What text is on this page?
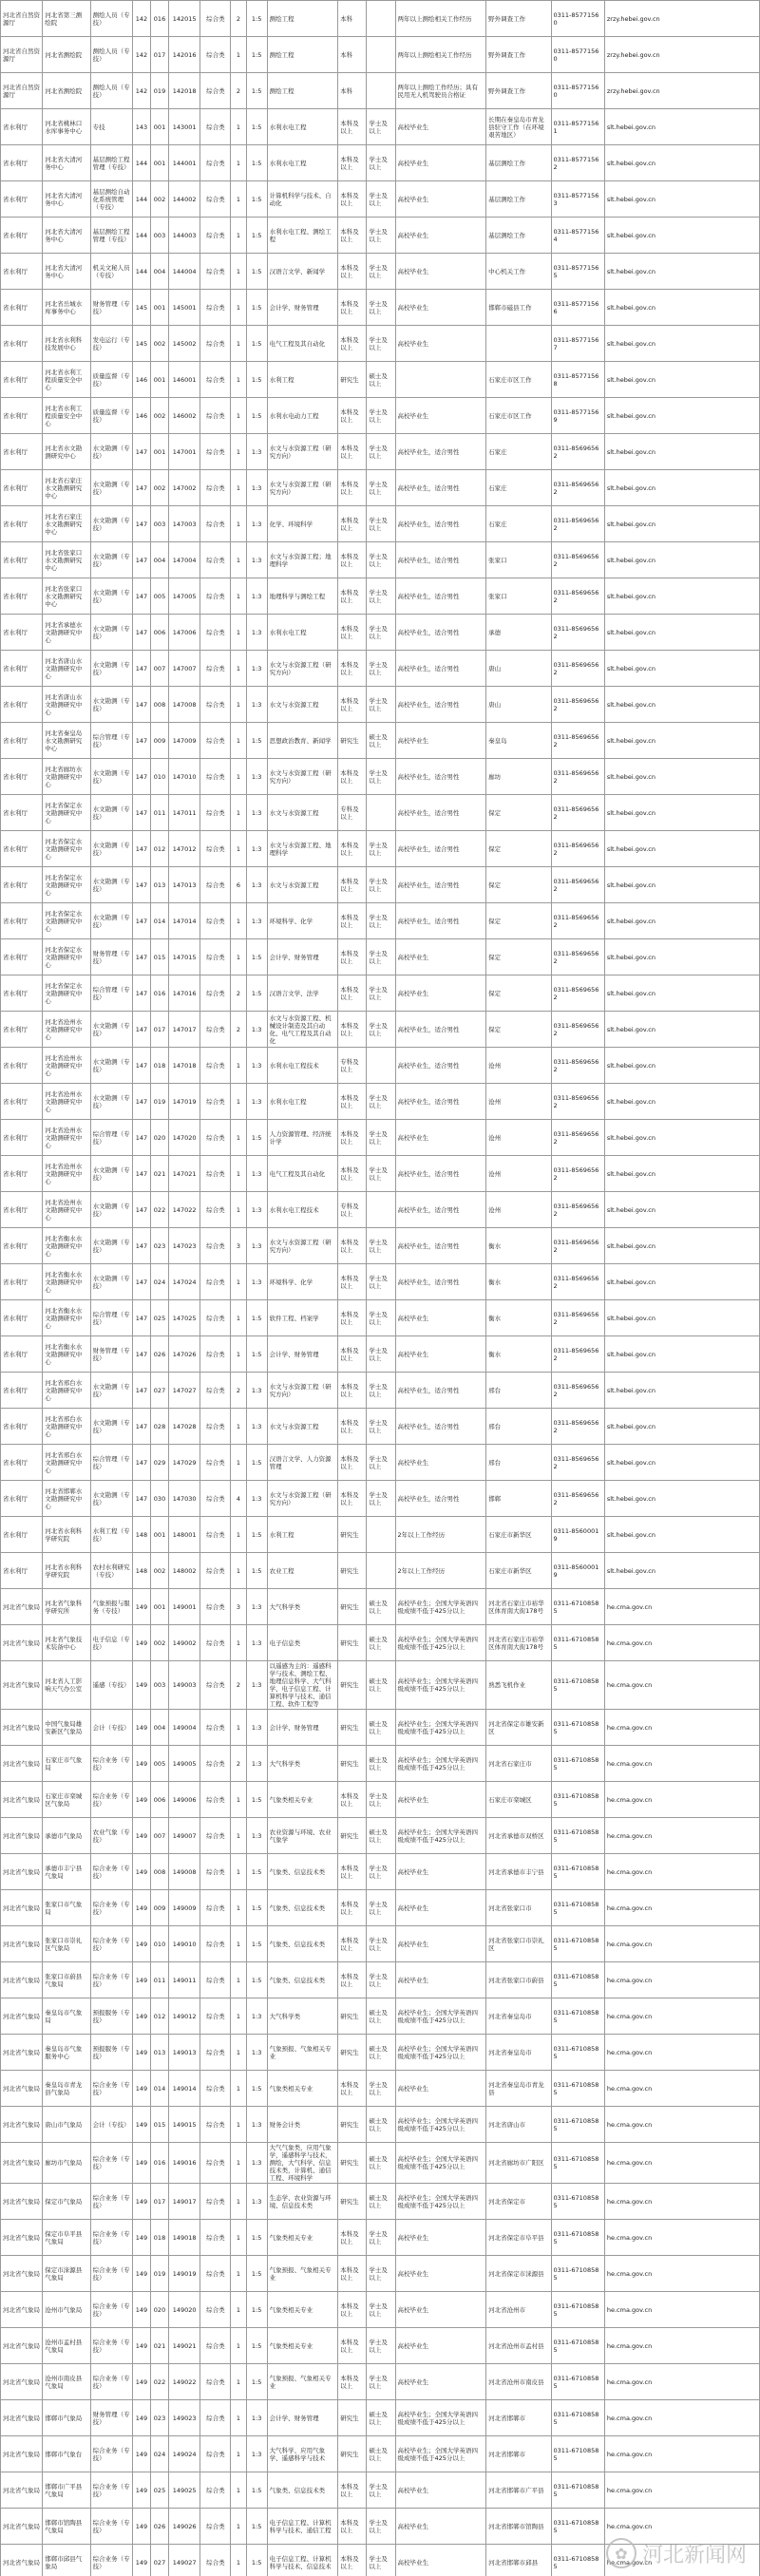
河北省自然资源厅	河北省第三测绘院	测绘人员（专技）	142	016	142015	综合类	2	1:5	测绘工程	本科		两年以上测绘相关工作经历	野外调查工作	0311-85771560	zrzy.hebei.gov.cn
河北省自然资源厅	河北省测绘院	测绘人员（专技）	142	017	142016	综合类	1	1:5	测绘工程	本科		两年以上测绘相关工作经历	野外调查工作	0311-85771560	zrzy.hebei.gov.cn
河北省自然资源厅	河北省测绘院	测绘人员（专技）	142	019	142018	综合类	2	1:5	测绘工程	本科		两年以上测绘工作经历；具有民用无人机驾驶员合格证	野外调查工作	0311-85771560	zrzy.hebei.gov.cn
省水利厅	河北省桃林口水库事务中心	专技	143	001	143001	综合类	1	1:5	水利水电工程	本科及以上	学士及以上	高校毕业生	长期在秦皇岛市青龙县驻守工作（在环境艰苦地区）	0311-85771561	slt.hebei.gov.cn
省水利厅	河北省大清河务中心	基层测绘工程管理（专技）	144	001	144001	综合类	1	1:5	水利水电工程	本科及以上	学士及以上	高校毕业生	基层测绘工作	0311-85771562	slt.hebei.gov.cn
省水利厅	河北省大清河务中心	基层测绘自动化系统管理（专技）	144	002	144002	综合类	1	1:5	计算机科学与技术、自动化	本科及以上	学士及以上	高校毕业生	基层测绘工作	0311-85771563	slt.hebei.gov.cn
省水利厅	河北省大清河务中心	基层测绘工程管理（专技）	144	003	144003	综合类	1	1:5	水利水电工程、测绘工程	本科及以上	学士及以上	高校毕业生	基层测绘工作	0311-85771564	slt.hebei.gov.cn
省水利厅	河北省大清河务中心	机关文秘人员（专技）	144	004	144004	综合类	1	1:5	汉语言文学、新闻学	本科及以上	学士及以上	高校毕业生	中心机关工作	0311-85771565	slt.hebei.gov.cn
省水利厅	河北省岳城水库事务中心	财务管理（专技）	145	001	145001	综合类	1	1:5	会计学、财务管理	本科及以上	学士及以上	高校毕业生	邯郸市磁县工作	0311-85771566	slt.hebei.gov.cn
省水利厅	河北省水利科技发展中心	发电运行（专技）	145	002	145002	综合类	1	1:5	电气工程及其自动化	本科及以上	学士及以上	高校毕业生		0311-85771567	slt.hebei.gov.cn
省水利厅	河北省水利工程质量安全中心	质量监督（专技）	146	001	146001	综合类	1	1:5	水利工程	研究生	硕士及以上		石家庄市区工作	0311-85771568	slt.hebei.gov.cn
省水利厅	河北省水利工程质量安全中心	质量监督（专技）	146	002	146002	综合类	1	1:5	水利水电动力工程	本科及以上	学士及以上	高校毕业生	石家庄市区工作	0311-85771569	slt.hebei.gov.cn
省水利厅	河北省水文勘测研究中心	水文勘测（专技）	147	001	147001	综合类	1	1:3	水文与水资源工程（研究方向）	本科及以上	学士及以上	高校毕业生，适合男性	石家庄	0311-85696562	slt.hebei.gov.cn
省水利厅	河北省石家庄水文勘测研究中心	水文勘测（专技）	147	002	147002	综合类	1	1:3	水文与水资源工程（研究方向）	本科及以上	学士及以上	高校毕业生，适合男性	石家庄	0311-85696562	slt.hebei.gov.cn
省水利厅	河北省石家庄水文勘测研究中心	水文勘测（专技）	147	003	147003	综合类	1	1:3	化学、环境科学	本科及以上	学士及以上	高校毕业生，适合男性	石家庄	0311-85696562	slt.hebei.gov.cn
省水利厅	河北省张家口水文勘测研究中心	水文勘测（专技）	147	004	147004	综合类	1	1:3	水文与水资源工程；地理科学	本科及以上	学士及以上	高校毕业生，适合男性	张家口	0311-85696562	slt.hebei.gov.cn
省水利厅	河北省张家口水文勘测研究中心	水文勘测（专技）	147	005	147005	综合类	1	1:3	地理科学与测绘工程	本科及以上	学士及以上	高校毕业生，适合男性	张家口	0311-85696562	slt.hebei.gov.cn
省水利厅	河北省承德水文勘测研究中心	水文勘测（专技）	147	006	147006	综合类	1	1:3	水利水电工程	本科及以上	学士及以上	高校毕业生，适合男性	承德	0311-85696562	slt.hebei.gov.cn
省水利厅	河北省唐山水文勘测研究中心	水文勘测（专技）	147	007	147007	综合类	1	1:3	水文与水资源工程（研究方向）	本科及以上	学士及以上	高校毕业生，适合男性	唐山	0311-85696562	slt.hebei.gov.cn
省水利厅	河北省唐山水文勘测研究中心	水文勘测（专技）	147	008	147008	综合类	1	1:3	水文与水资源工程	本科及以上	学士及以上	高校毕业生，适合男性	唐山	0311-85696562	slt.hebei.gov.cn
省水利厅	河北省秦皇岛水文勘测研究中心	综合管理（专技）	147	009	147009	综合类	1	1:5	思想政治教育、新闻学	研究生	硕士及以上	高校毕业生	秦皇岛	0311-85696562	slt.hebei.gov.cn
省水利厅	河北省廊坊水文勘测研究中心	水文勘测（专技）	147	010	147010	综合类	1	1:3	水文与水资源工程（研究方向）	本科及以上	学士及以上	高校毕业生，适合男性	廊坊	0311-85696562	slt.hebei.gov.cn
省水利厅	河北省保定水文勘测研究中心	水文勘测（专技）	147	011	147011	综合类	1	1:3	水文与水资源工程	专科及以上		高校毕业生，适合男性	保定	0311-85696562	slt.hebei.gov.cn
省水利厅	河北省保定水文勘测研究中心	水文勘测（专技）	147	012	147012	综合类	1	1:3	水文与水资源工程、地理科学	本科及以上	学士及以上	高校毕业生，适合男性	保定	0311-85696562	slt.hebei.gov.cn
省水利厅	河北省保定水文勘测研究中心	水文勘测（专技）	147	013	147013	综合类	6	1:3	水文与水资源工程	本科及以上	学士及以上	高校毕业生，适合男性	保定	0311-85696562	slt.hebei.gov.cn
省水利厅	河北省保定水文勘测研究中心	水文勘测（专技）	147	014	147014	综合类	1	1:3	环境科学、化学	本科及以上	学士及以上	高校毕业生，适合男性	保定	0311-85696562	slt.hebei.gov.cn
省水利厅	河北省保定水文勘测研究中心	财务管理（专技）	147	015	147015	综合类	1	1:5	会计学、财务管理	本科及以上	学士及以上	高校毕业生	保定	0311-85696562	slt.hebei.gov.cn
省水利厅	河北省保定水文勘测研究中心	综合管理（专技）	147	016	147016	综合类	2	1:5	汉语言文学、法学	本科及以上	学士及以上	高校毕业生	保定	0311-85696562	slt.hebei.gov.cn
省水利厅	河北省沧州水文勘测研究中心	水文勘测（专技）	147	017	147017	综合类	2	1:3	水文与水资源工程、机械设计制造及其自动化、电气工程及其自动化	本科及以上	学士及以上	高校毕业生，适合男性	保定	0311-85696562	slt.hebei.gov.cn
省水利厅	河北省沧州水文勘测研究中心	水文勘测（专技）	147	018	147018	综合类	1	1:3	水利水电工程技术	专科及以上		高校毕业生，适合男性	沧州	0311-85696562	slt.hebei.gov.cn
省水利厅	河北省沧州水文勘测研究中心	水文勘测（专技）	147	019	147019	综合类	1	1:3	水利水电工程	本科及以上	学士及以上	高校毕业生，适合男性	沧州	0311-85696562	slt.hebei.gov.cn
省水利厅	河北省沧州水文勘测研究中心	综合管理（专技）	147	020	147020	综合类	1	1:5	人力资源管理、经济统计学	本科及以上	学士及以上	高校毕业生	沧州	0311-85696562	slt.hebei.gov.cn
省水利厅	河北省沧州水文勘测研究中心	水文勘测（专技）	147	021	147021	综合类	1	1:3	电气工程及其自动化	本科及以上	学士及以上	高校毕业生，适合男性	沧州	0311-85696562	slt.hebei.gov.cn
省水利厅	河北省沧州水文勘测研究中心	水文勘测（专技）	147	022	147022	综合类	1	1:3	水利水电工程技术	专科及以上		高校毕业生，适合男性	沧州	0311-85696562	slt.hebei.gov.cn
省水利厅	河北省衡水水文勘测研究中心	水文勘测（专技）	147	023	147023	综合类	3	1:3	水文与水资源工程（研究方向）	本科及以上	学士及以上	高校毕业生，适合男性	衡水	0311-85696562	slt.hebei.gov.cn
省水利厅	河北省衡水水文勘测研究中心	水文勘测（专技）	147	024	147024	综合类	1	1:3	环境科学、化学	本科及以上	学士及以上	高校毕业生，适合男性	衡水	0311-85696562	slt.hebei.gov.cn
省水利厅	河北省衡水水文勘测研究中心	综合管理（专技）	147	025	147025	综合类	1	1:5	软件工程、档案学	本科及以上	学士及以上	高校毕业生	衡水	0311-85696562	slt.hebei.gov.cn
省水利厅	河北省衡水水文勘测研究中心	财务管理（专技）	147	026	147026	综合类	1	1:5	会计学、财务管理	本科及以上	学士及以上	高校毕业生	衡水	0311-85696562	slt.hebei.gov.cn
省水利厅	河北省邢台水文勘测研究中心	水文勘测（专技）	147	027	147027	综合类	2	1:3	水文与水资源工程（研究方向）	本科及以上	学士及以上	高校毕业生，适合男性	邢台	0311-85696562	slt.hebei.gov.cn
省水利厅	河北省邢台水文勘测研究中心	水文勘测（专技）	147	028	147028	综合类	1	1:3	水文与水资源工程	本科及以上	学士及以上	高校毕业生，适合男性	邢台	0311-85696562	slt.hebei.gov.cn
省水利厅	河北省邢台水文勘测研究中心	综合管理（专技）	147	029	147029	综合类	1	1:5	汉语言文学、人力资源管理	本科及以上	学士及以上	高校毕业生	邢台	0311-85696562	slt.hebei.gov.cn
省水利厅	河北省邯郸水文勘测研究中心	水文勘测（专技）	147	030	147030	综合类	4	1:3	水文与水资源工程（研究方向）	本科及以上	学士及以上	高校毕业生，适合男性	邯郸	0311-85696562	slt.hebei.gov.cn
省水利厅	河北省水利科学研究院	水利工程（专技）	148	001	148001	综合类	1	1:5	水利工程	研究生		2年以上工作经历	石家庄市新华区	0311-85600019	slt.hebei.gov.cn
省水利厅	河北省水利科学研究院	农村水利研究（专技）	148	002	148002	综合类	1	1:5	农业工程	研究生		2年以上工作经历	石家庄市新华区	0311-85600019	slt.hebei.gov.cn
河北省气象局	河北省气象科学研究所	气象预报与服务（专技）	149	001	149001	综合类	3	1:3	大气科学类	研究生	硕士及以上	高校毕业生；全国大学英语四级成绩不低于425分以上	河北省石家庄市裕华区体育南大街178号	0311-67108585	he.cma.gov.cn
河北省气象局	河北省气象技术装备中心	电子信息（专技）	149	002	149002	综合类	1	1:3	电子信息类	研究生	硕士及以上	高校毕业生；全国大学英语四级成绩不低于425分以上	河北省石家庄市裕华区体育南大街178号	0311-67108585	he.cma.gov.cn
河北省气象局	河北省人工影响天气办公室	遥感（专技）	149	003	149003	综合类	2	1:3	以遥感为主的：遥感科学与技术、测绘工程、地理信息科学、大气科学、电子信息工程、计算机科学与技术、通信工程、软件工程等	研究生	硕士及以上	高校毕业生；全国大学英语四级成绩不低于425分以上	熟悉飞机作业	0311-67108585	he.cma.gov.cn
河北省气象局	中国气象局雄安新区气象局	会计（专技）	149	004	149004	综合类	1	1:3	会计学、财务管理	研究生	硕士及以上	高校毕业生；全国大学英语四级成绩不低于425分以上	河北省保定市雄安新区	0311-67108585	he.cma.gov.cn
河北省气象局	石家庄市气象局	综合业务（专技）	149	005	149005	综合类	2	1:3	大气科学类	研究生	硕士及以上	高校毕业生；全国大学英语四级成绩不低于425分以上	河北省石家庄市	0311-67108585	he.cma.gov.cn
河北省气象局	石家庄市栾城区气象局	综合业务（专技）	149	006	149006	综合类	1	1:5	气象类相关专业	本科及以上	学士及以上	高校毕业生	石家庄市栾城区	0311-67108585	he.cma.gov.cn
河北省气象局	承德市气象局	农业气象（专技）	149	007	149007	综合类	1	1:3	农业资源与环境、农业气象学	研究生	硕士及以上	高校毕业生；全国大学英语四级成绩不低于425分以上	河北省承德市双桥区	0311-67108585	he.cma.gov.cn
河北省气象局	承德市丰宁县气象局	综合业务（专技）	149	008	149008	综合类	1	1:5	气象类、信息技术类	本科及以上	学士及以上	高校毕业生	河北省承德市丰宁县	0311-67108585	he.cma.gov.cn
河北省气象局	张家口市气象局	综合业务（专技）	149	009	149009	综合类	1	1:5	气象类、信息技术类	本科及以上	学士及以上	高校毕业生	河北省张家口市	0311-67108585	he.cma.gov.cn
河北省气象局	张家口市崇礼区气象局	综合业务（专技）	149	010	149010	综合类	1	1:5	气象类、信息技术类	本科及以上	学士及以上	高校毕业生	河北省张家口市崇礼区	0311-67108585	he.cma.gov.cn
河北省气象局	张家口市蔚县气象局	综合业务（专技）	149	011	149011	综合类	1	1:5	气象类、信息技术类	本科及以上	学士及以上	高校毕业生	河北省张家口市蔚县	0311-67108585	he.cma.gov.cn
河北省气象局	秦皇岛市气象局	预报服务（专技）	149	012	149012	综合类	1	1:3	大气科学类	研究生	硕士及以上	高校毕业生；全国大学英语四级成绩不低于425分以上	河北省秦皇岛市	0311-67108585	he.cma.gov.cn
河北省气象局	秦皇岛市气象服务中心	预报服务（专技）	149	013	149013	综合类	1	1:3	气象预报、气象相关专业	研究生	硕士及以上	高校毕业生；全国大学英语四级成绩不低于425分以上	河北省秦皇岛市	0311-67108585	he.cma.gov.cn
河北省气象局	秦皇岛市青龙县气象局	综合业务（专技）	149	014	149014	综合类	1	1:5	气象类相关专业	本科及以上	学士及以上	高校毕业生	河北省秦皇岛市青龙县	0311-67108585	he.cma.gov.cn
河北省气象局	唐山市气象局	会计（专技）	149	015	149015	综合类	1	1:3	财务会计类	研究生	硕士及以上	高校毕业生；全国大学英语四级成绩不低于425分以上	河北省唐山市	0311-67108585	he.cma.gov.cn
河北省气象局	廊坊市气象局	综合业务（专技）	149	016	149016	综合类	1	1:3	大气气象类，应用气象学，遥感科学与技术，测绘，大气科学、信息技术类，计算机、通信工程、环境科学	研究生	硕士及以上	高校毕业生；全国大学英语四级成绩不低于425分以上	河北省廊坊市广阳区	0311-67108585	he.cma.gov.cn
河北省气象局	保定市气象局	综合业务（专技）	149	017	149017	综合类	1	1:3	生态学、农业资源与环境、信息技术类	研究生	硕士及以上	高校毕业生；全国大学英语四级成绩不低于425分以上	河北省保定市	0311-67108585	he.cma.gov.cn
河北省气象局	保定市阜平县气象局	综合业务（专技）	149	018	149018	综合类	1	1:5	气象类相关专业	本科及以上	学士及以上	高校毕业生	河北省保定市阜平县	0311-67108585	he.cma.gov.cn
河北省气象局	保定市涞源县气象局	综合业务（专技）	149	019	149019	综合类	1	1:5	气象预报、气象相关专业	本科及以上	学士及以上	高校毕业生	河北省保定市涞源县	0311-67108585	he.cma.gov.cn
河北省气象局	沧州市气象局	综合业务（专技）	149	020	149020	综合类	1	1:5	气象类相关专业	本科及以上	学士及以上	高校毕业生	河北省沧州市	0311-67108585	he.cma.gov.cn
河北省气象局	沧州市孟村县气象局	综合业务（专技）	149	021	149021	综合类	1	1:5	气象类相关专业	本科及以上	学士及以上	高校毕业生	河北省沧州市孟村县	0311-67108585	he.cma.gov.cn
河北省气象局	沧州市南皮县气象局	综合业务（专技）	149	022	149022	综合类	1	1:5	气象预报、气象相关专业	本科及以上	学士及以上	高校毕业生	河北省沧州市南皮县	0311-67108585	he.cma.gov.cn
河北省气象局	邯郸市气象局	财务管理（专技）	149	023	149023	综合类	1	1:3	会计学、财务管理	研究生	硕士及以上	高校毕业生；全国大学英语四级成绩不低于425分以上	河北省邯郸市	0311-67108585	he.cma.gov.cn
河北省气象局	邯郸市气象台	综合业务（专技）	149	024	149024	综合类	1	1:3	大气科学、应用气象学、遥感科学与技术	研究生	硕士及以上	高校毕业生；全国大学英语四级成绩不低于425分以上	河北省邯郸市	0311-67108585	he.cma.gov.cn
河北省气象局	邯郸市广平县气象局	综合业务（专技）	149	025	149025	综合类	1	1:5	气象类、信息技术类	本科及以上	学士及以上	高校毕业生	河北省邯郸市广平县	0311-67108585	he.cma.gov.cn
河北省气象局	邯郸市馆陶县气象局	综合业务（专技）	149	026	149026	综合类	1	1:5	电子信息工程、计算机科学与技术、通信工程	本科及以上	学士及以上	高校毕业生	河北省邯郸市馆陶县	0311-67108585	he.cma.gov.cn
河北省气象局	邯郸市邱县气象局	综合业务（专技）	149	027	149027	综合类	1	1:5	电子信息工程、计算机科学与技术、信息技术	本科及以上	学士及以上	高校毕业生	河北省邯郸市邱县	0311-67108585	he.cma.gov.cn
✿ 河北新闻网
